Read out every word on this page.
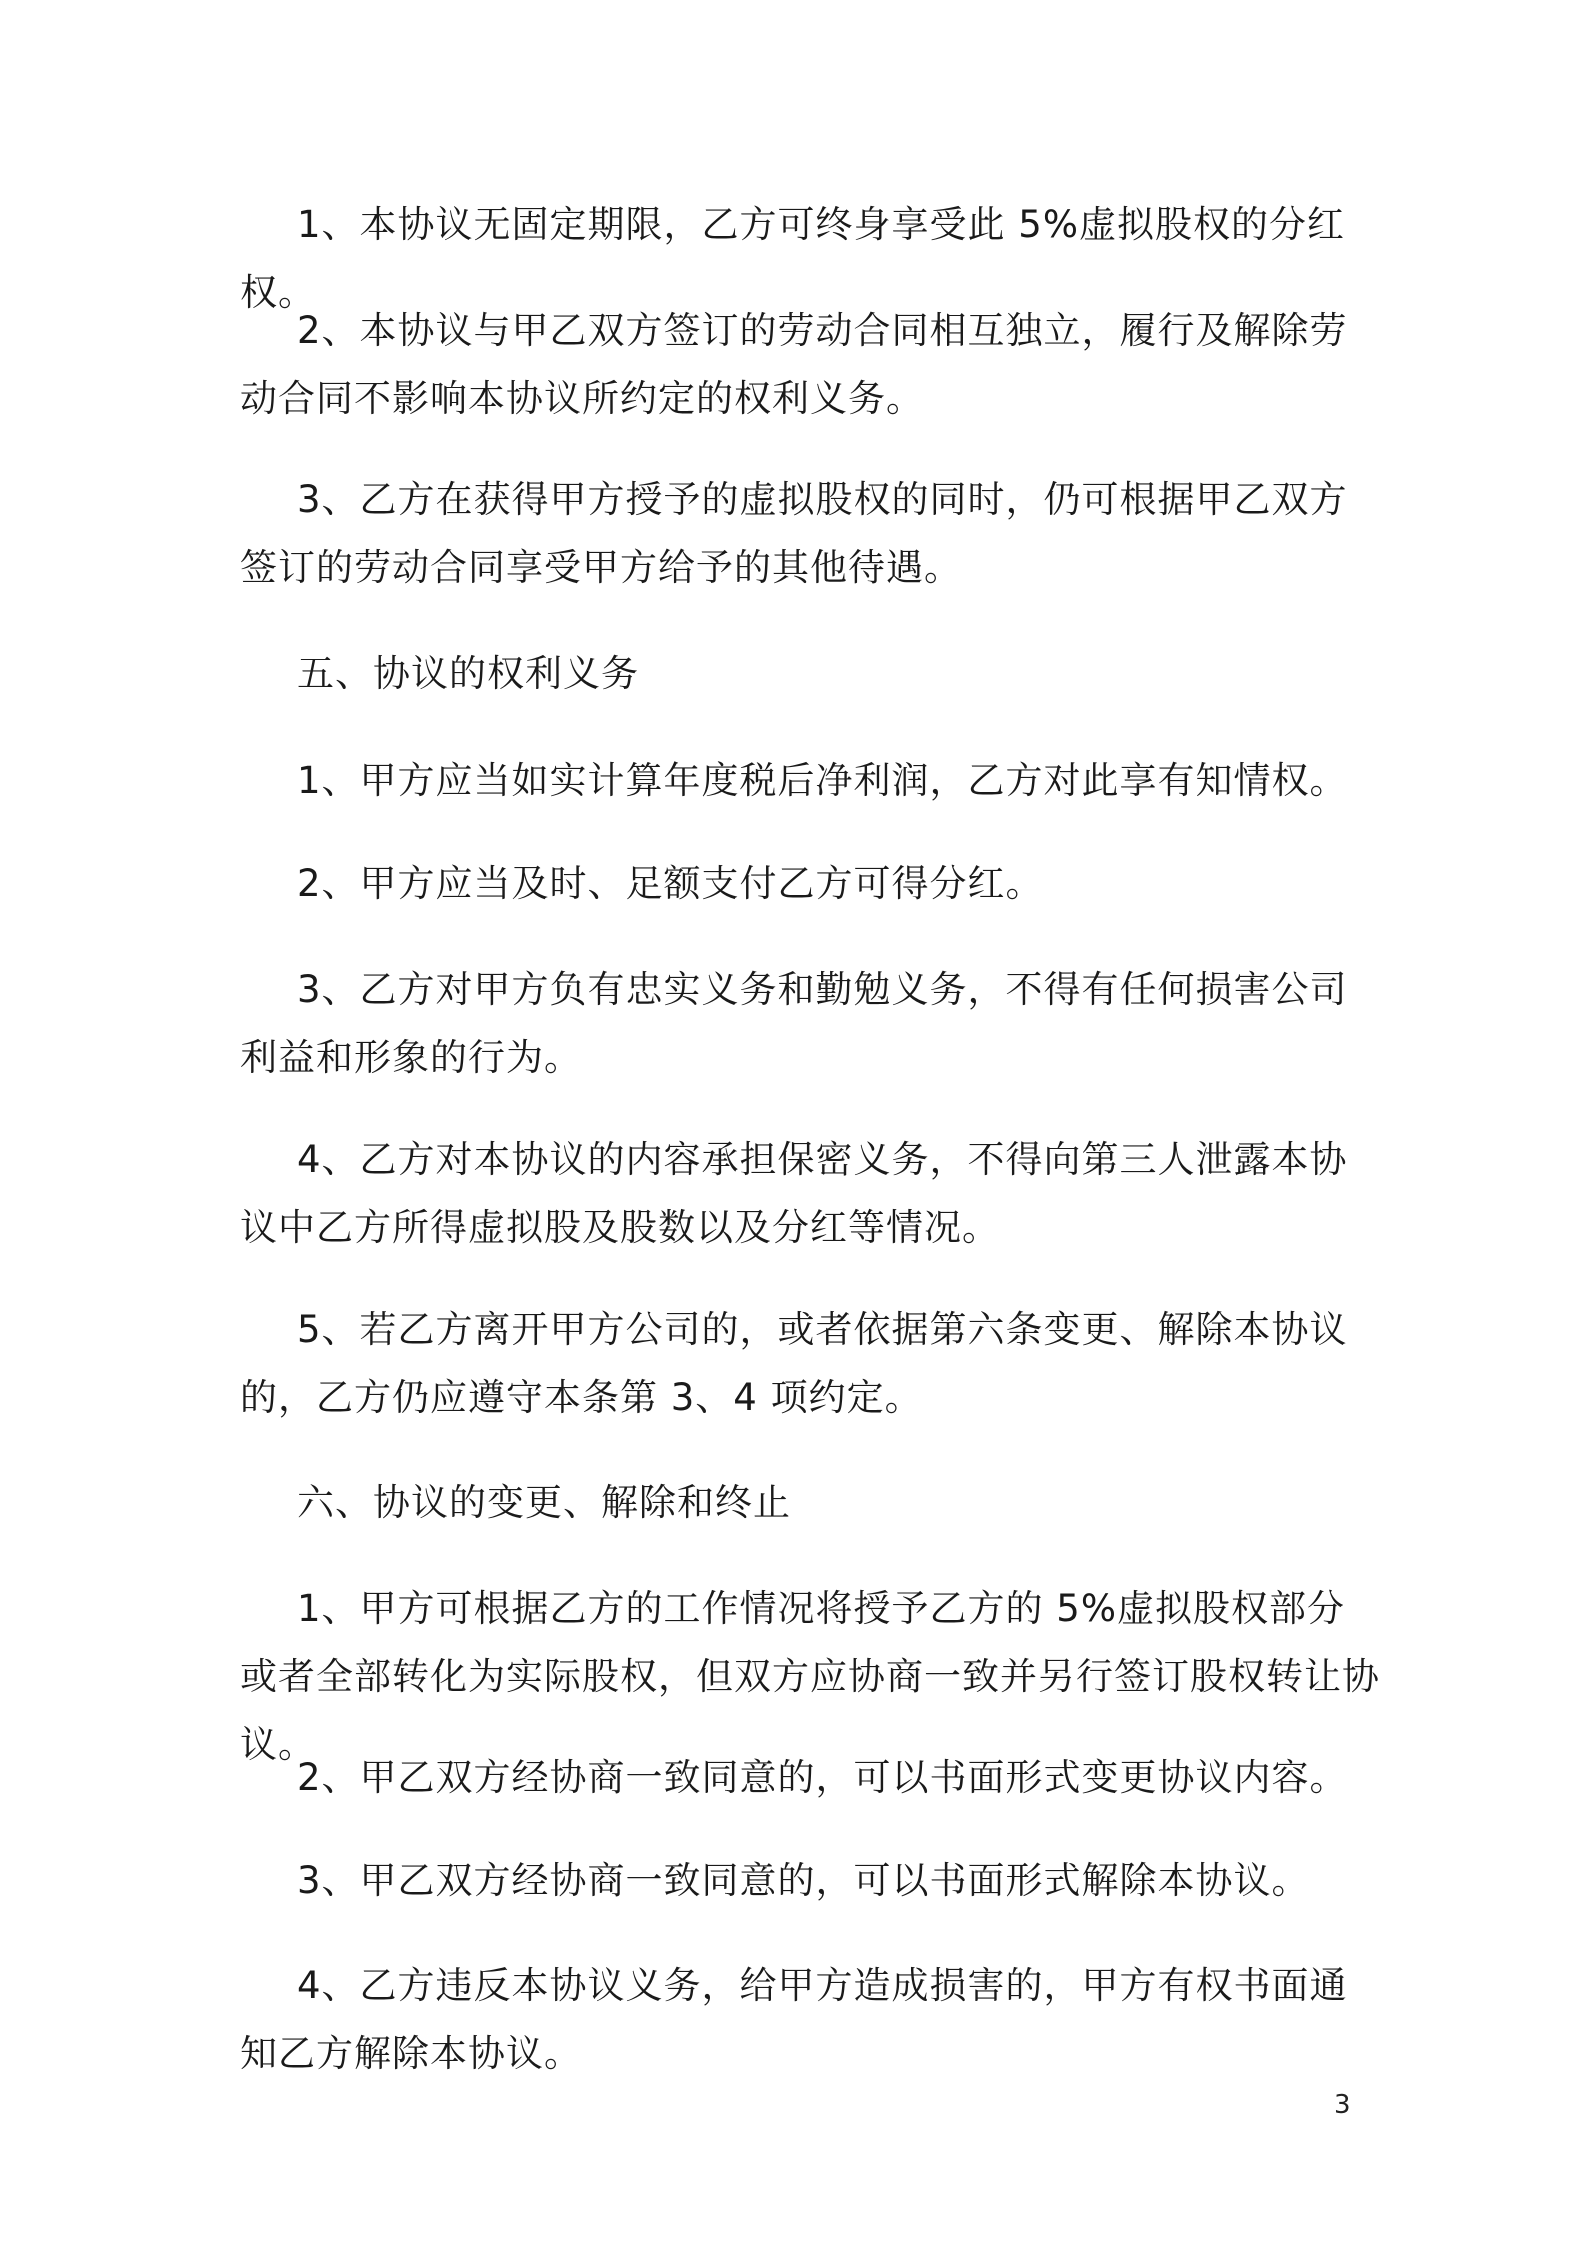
1、本协议无固定期限，乙方可终身享受此 5%虚拟股权的分红权。

2、本协议与甲乙双方签订的劳动合同相互独立，履行及解除劳动合同不影响本协议所约定的权利义务。

3、乙方在获得甲方授予的虚拟股权的同时，仍可根据甲乙双方签订的劳动合同享受甲方给予的其他待遇。

五、协议的权利义务

1、甲方应当如实计算年度税后净利润，乙方对此享有知情权。

2、甲方应当及时、足额支付乙方可得分红。

3、乙方对甲方负有忠实义务和勤勉义务，不得有任何损害公司利益和形象的行为。

4、乙方对本协议的内容承担保密义务，不得向第三人泄露本协议中乙方所得虚拟股及股数以及分红等情况。

5、若乙方离开甲方公司的，或者依据第六条变更、解除本协议的，乙方仍应遵守本条第 3、4 项约定。

六、协议的变更、解除和终止

1、甲方可根据乙方的工作情况将授予乙方的 5%虚拟股权部分或者全部转化为实际股权，但双方应协商一致并另行签订股权转让协议。

2、甲乙双方经协商一致同意的，可以书面形式变更协议内容。

3、甲乙双方经协商一致同意的，可以书面形式解除本协议。

4、乙方违反本协议义务，给甲方造成损害的，甲方有权书面通知乙方解除本协议。

3
